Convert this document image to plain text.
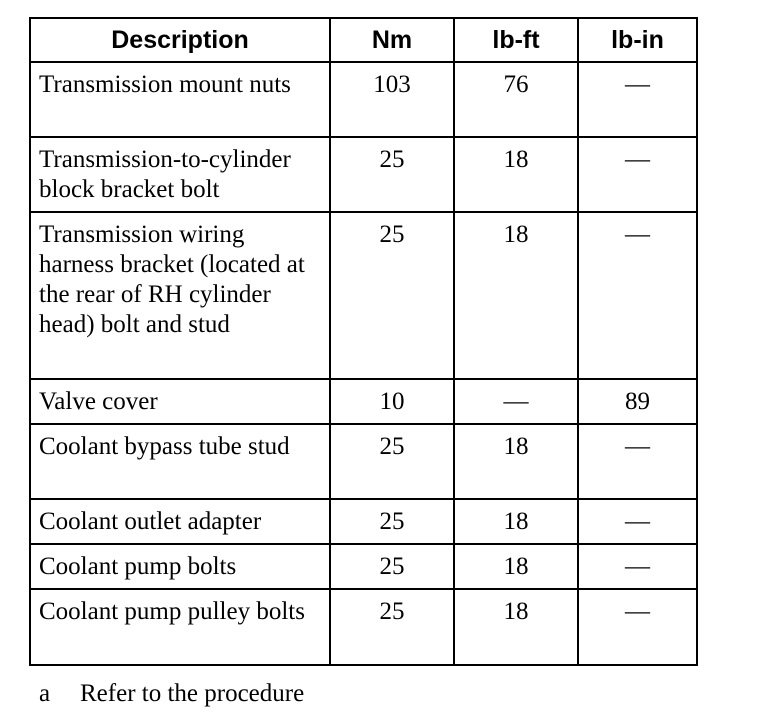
Description	Nm	lb-ft	lb-in
Transmission mount nuts	103	76	—
Transmission-to-cylinder block bracket bolt	25	18	—
Transmission wiring harness bracket (located at the rear of RH cylinder head) bolt and stud	25	18	—
Valve cover	10	—	89
Coolant bypass tube stud	25	18	—
Coolant outlet adapter	25	18	—
Coolant pump bolts	25	18	—
Coolant pump pulley bolts	25	18	—
a Refer to the procedure
